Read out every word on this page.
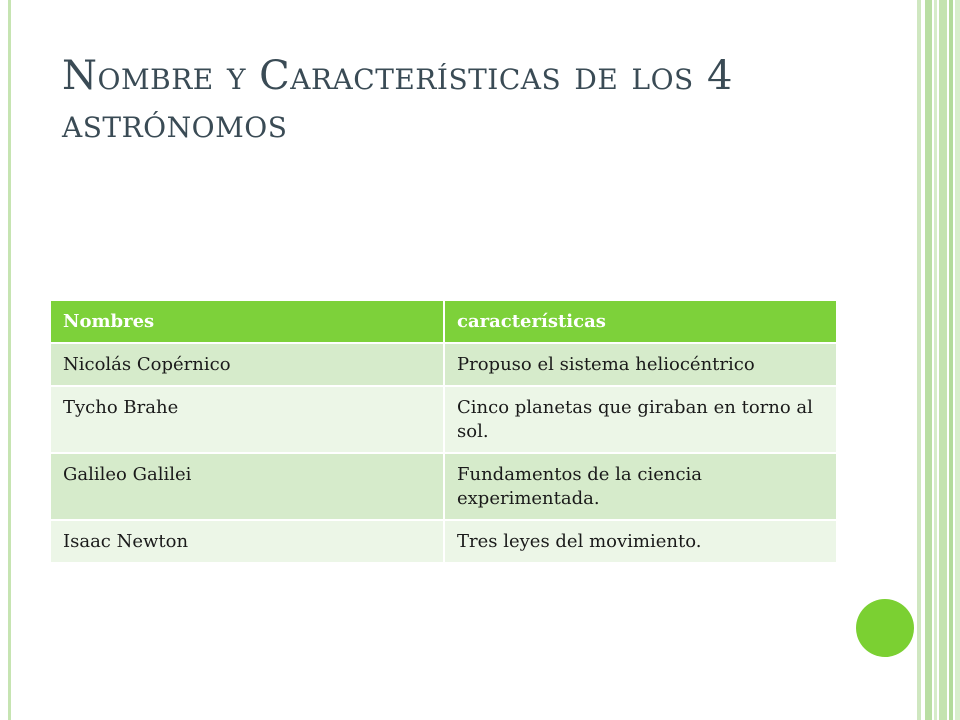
Nombre y Características de los 4 astrónomos
Nombres	características
Nicolás Copérnico	Propuso el sistema heliocéntrico
Tycho Brahe	Cinco planetas que giraban en torno al sol.
Galileo Galilei	Fundamentos de la ciencia experimentada.
Isaac Newton	Tres leyes del movimiento.
